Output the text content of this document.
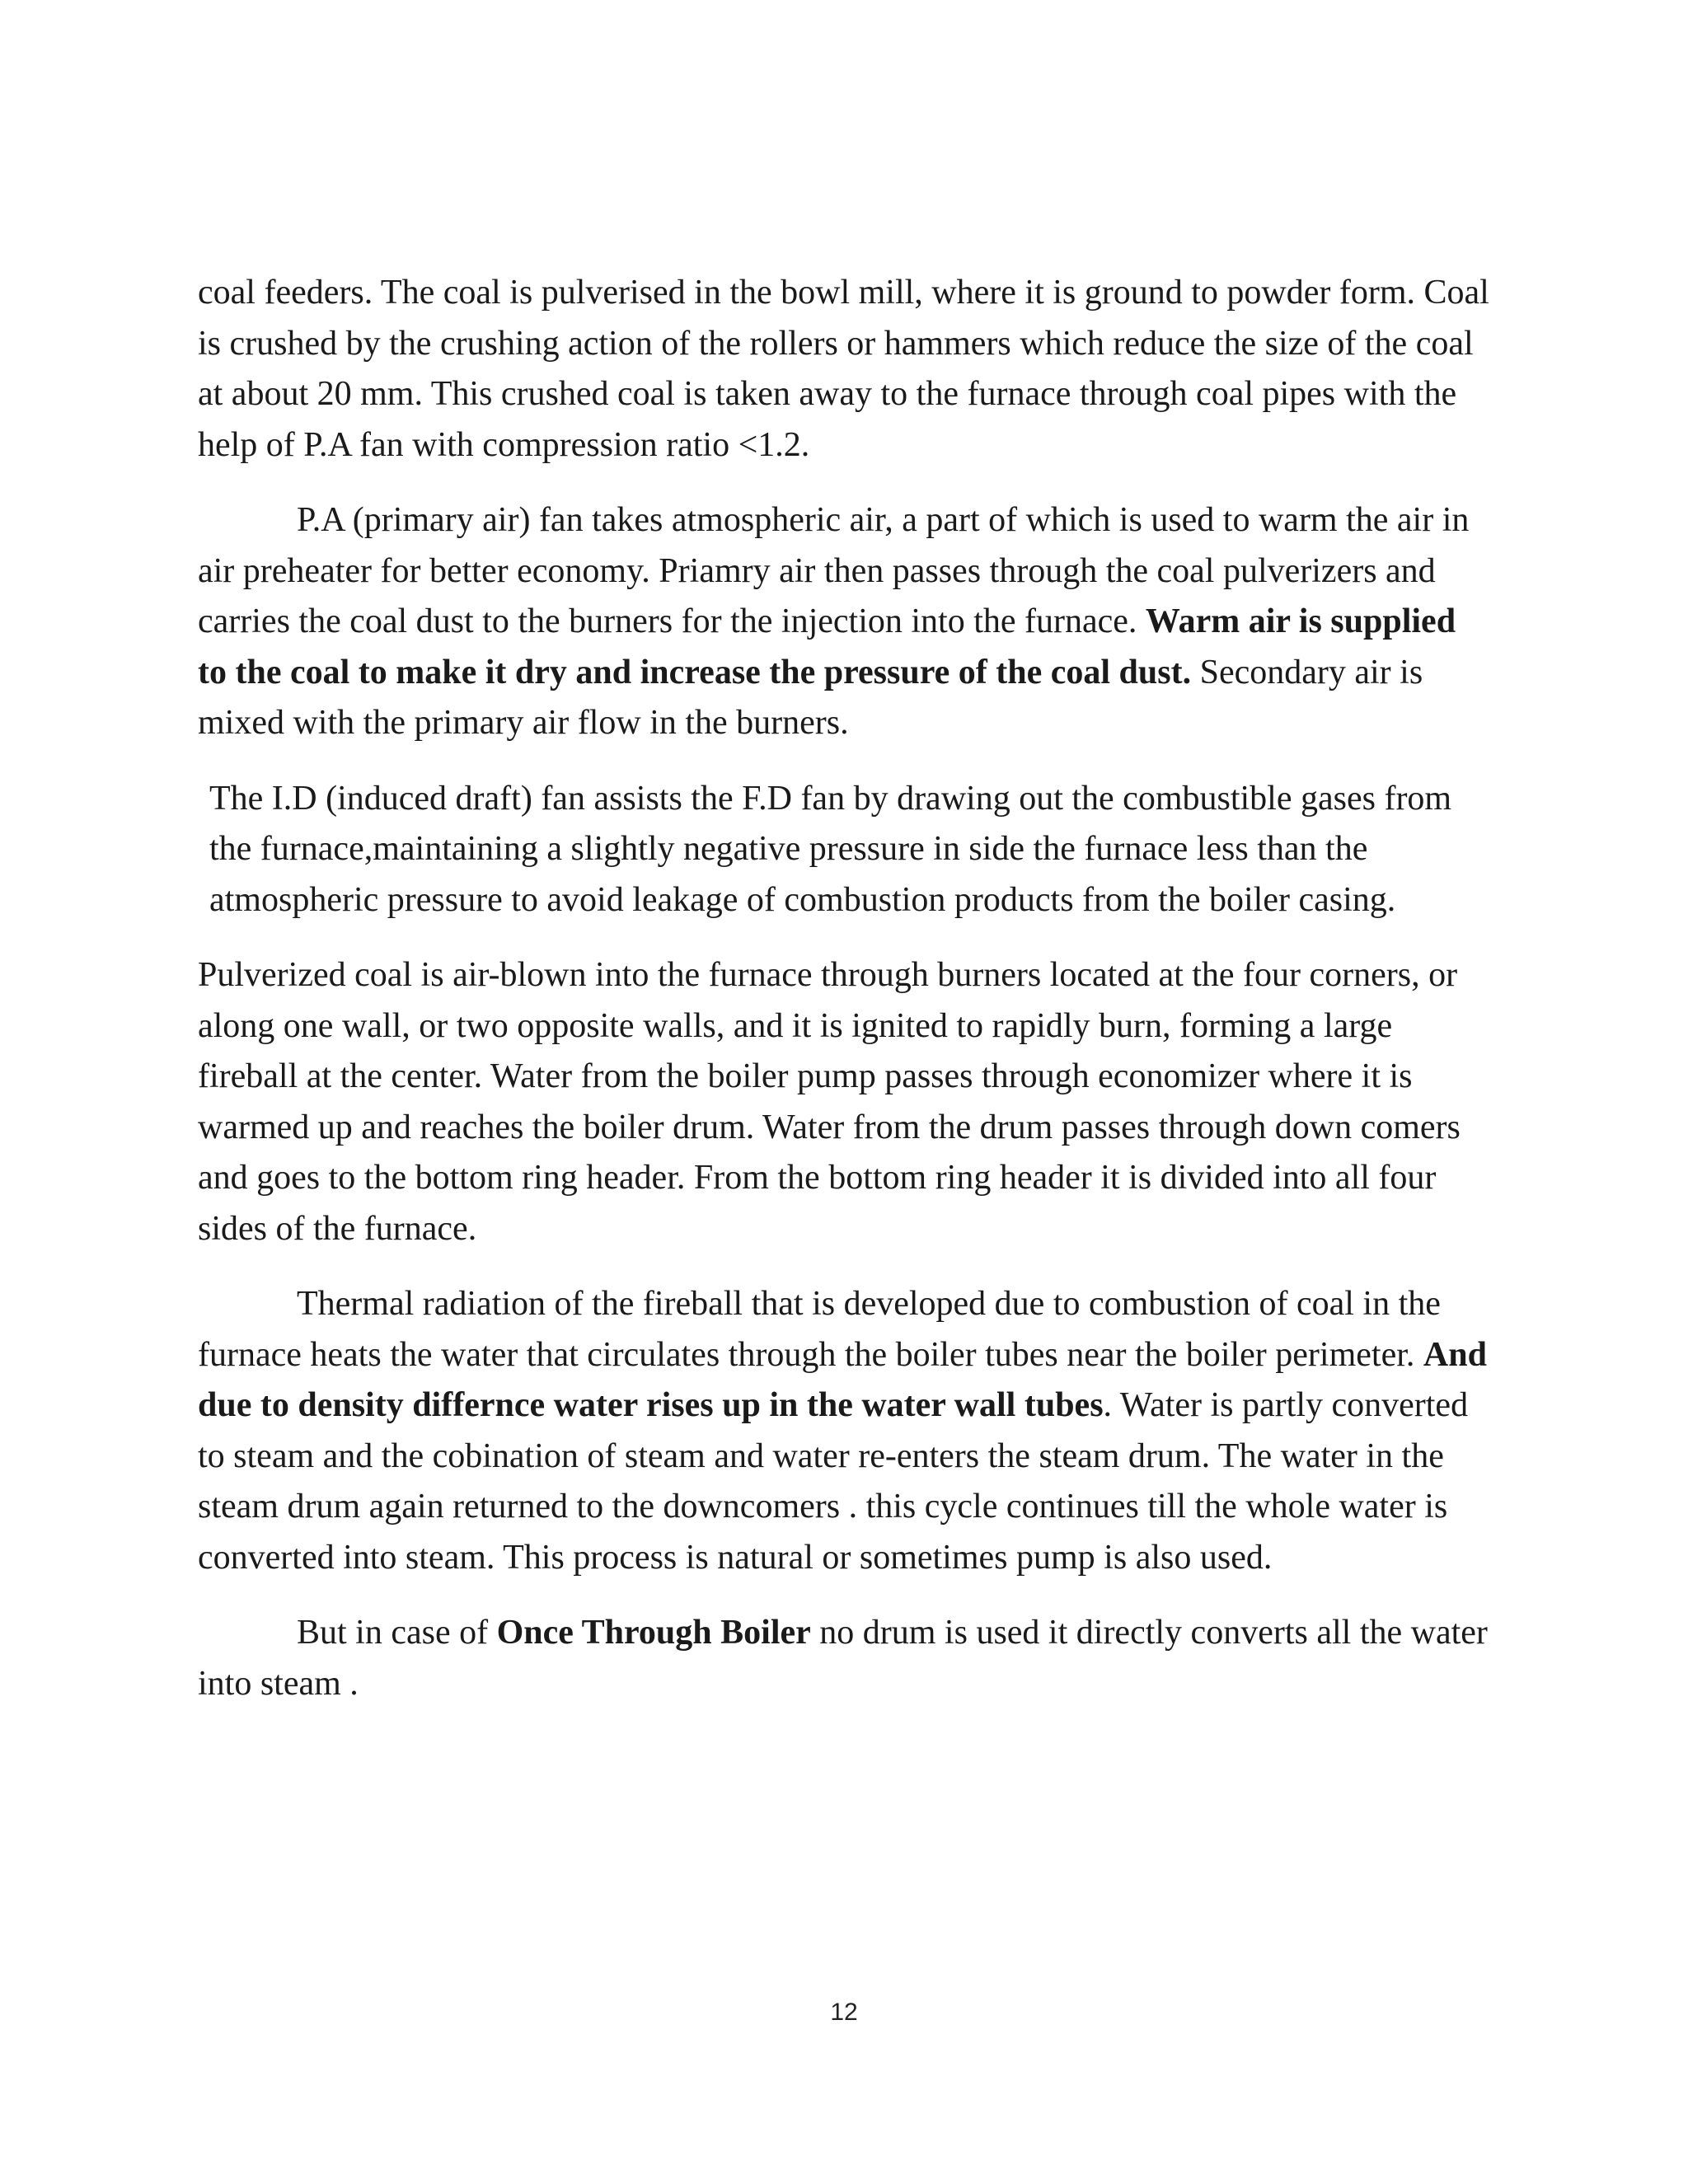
coal feeders. The coal is pulverised in the bowl mill, where it is ground to powder form. Coal is crushed by the crushing action of the rollers or hammers which reduce the size of the coal at about 20 mm. This crushed coal is taken away to the furnace through coal pipes with the help of P.A fan with compression ratio <1.2.

P.A (primary air) fan takes atmospheric air, a part of which is used to warm the air in air preheater for better economy. Priamry air then passes through the coal pulverizers and carries the coal dust to the burners for the injection into the furnace. Warm air is supplied to the coal to make it dry and increase the pressure of the coal dust. Secondary air is mixed with the primary air flow in the burners.

The I.D (induced draft) fan assists the F.D fan by drawing out the combustible gases from the furnace,maintaining a slightly negative pressure in side the furnace less than the atmospheric pressure to avoid leakage of combustion products from the boiler casing.

Pulverized coal is air-blown into the furnace through burners located at the four corners, or along one wall, or two opposite walls, and it is ignited to rapidly burn, forming a large fireball at the center. Water from the boiler pump passes through economizer where it is warmed up and reaches the boiler drum. Water from the drum passes through down comers and goes to the bottom ring header. From the bottom ring header it is divided into all four sides of the furnace.

Thermal radiation of the fireball that is developed due to combustion of coal in the furnace heats the water that circulates through the boiler tubes near the boiler perimeter. And due to density differnce water rises up in the water wall tubes. Water is partly converted to steam and the cobination of steam and water re-enters the steam drum. The water in the steam drum again returned to the downcomers . this cycle continues till the whole water is converted into steam. This process is natural or sometimes pump is also used.

But in case of Once Through Boiler no drum is used it directly converts all the water into steam .

12
